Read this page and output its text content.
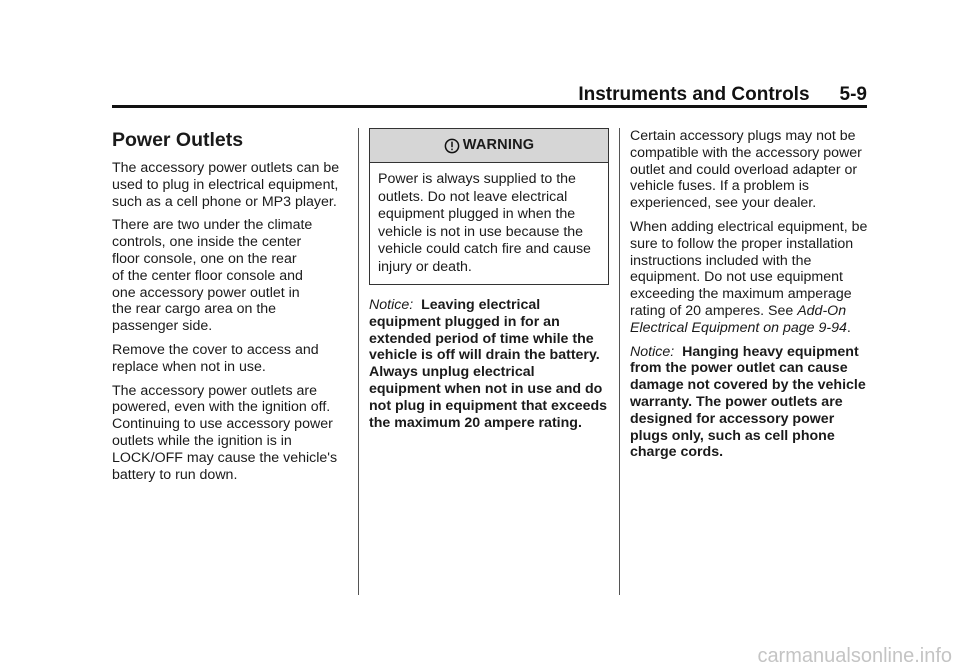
Instruments and Controls 5-9
Power Outlets

The accessory power outlets can be used to plug in electrical equipment, such as a cell phone or MP3 player.

There are two under the climate
controls, one inside the center
floor console, one on the rear
of the center floor console and
one accessory power outlet in
the rear cargo area on the
passenger side.

Remove the cover to access and replace when not in use.

The accessory power outlets are powered, even with the ignition off. Continuing to use accessory power outlets while the ignition is in LOCK/OFF may cause the vehicle's battery to run down.

WARNING
Power is always supplied to the outlets. Do not leave electrical equipment plugged in when the vehicle is not in use because the vehicle could catch fire and cause injury or death.

Notice: Leaving electrical equipment plugged in for an extended period of time while the vehicle is off will drain the battery. Always unplug electrical equipment when not in use and do not plug in equipment that exceeds the maximum 20 ampere rating.

Certain accessory plugs may not be compatible with the accessory power outlet and could overload adapter or vehicle fuses. If a problem is experienced, see your dealer.

When adding electrical equipment, be sure to follow the proper installation instructions included with the equipment. Do not use equipment exceeding the maximum amperage rating of 20 amperes. See Add-On Electrical Equipment on page 9-94.

Notice: Hanging heavy equipment from the power outlet can cause damage not covered by the vehicle warranty. The power outlets are designed for accessory power plugs only, such as cell phone charge cords.

carmanualsonline.info
